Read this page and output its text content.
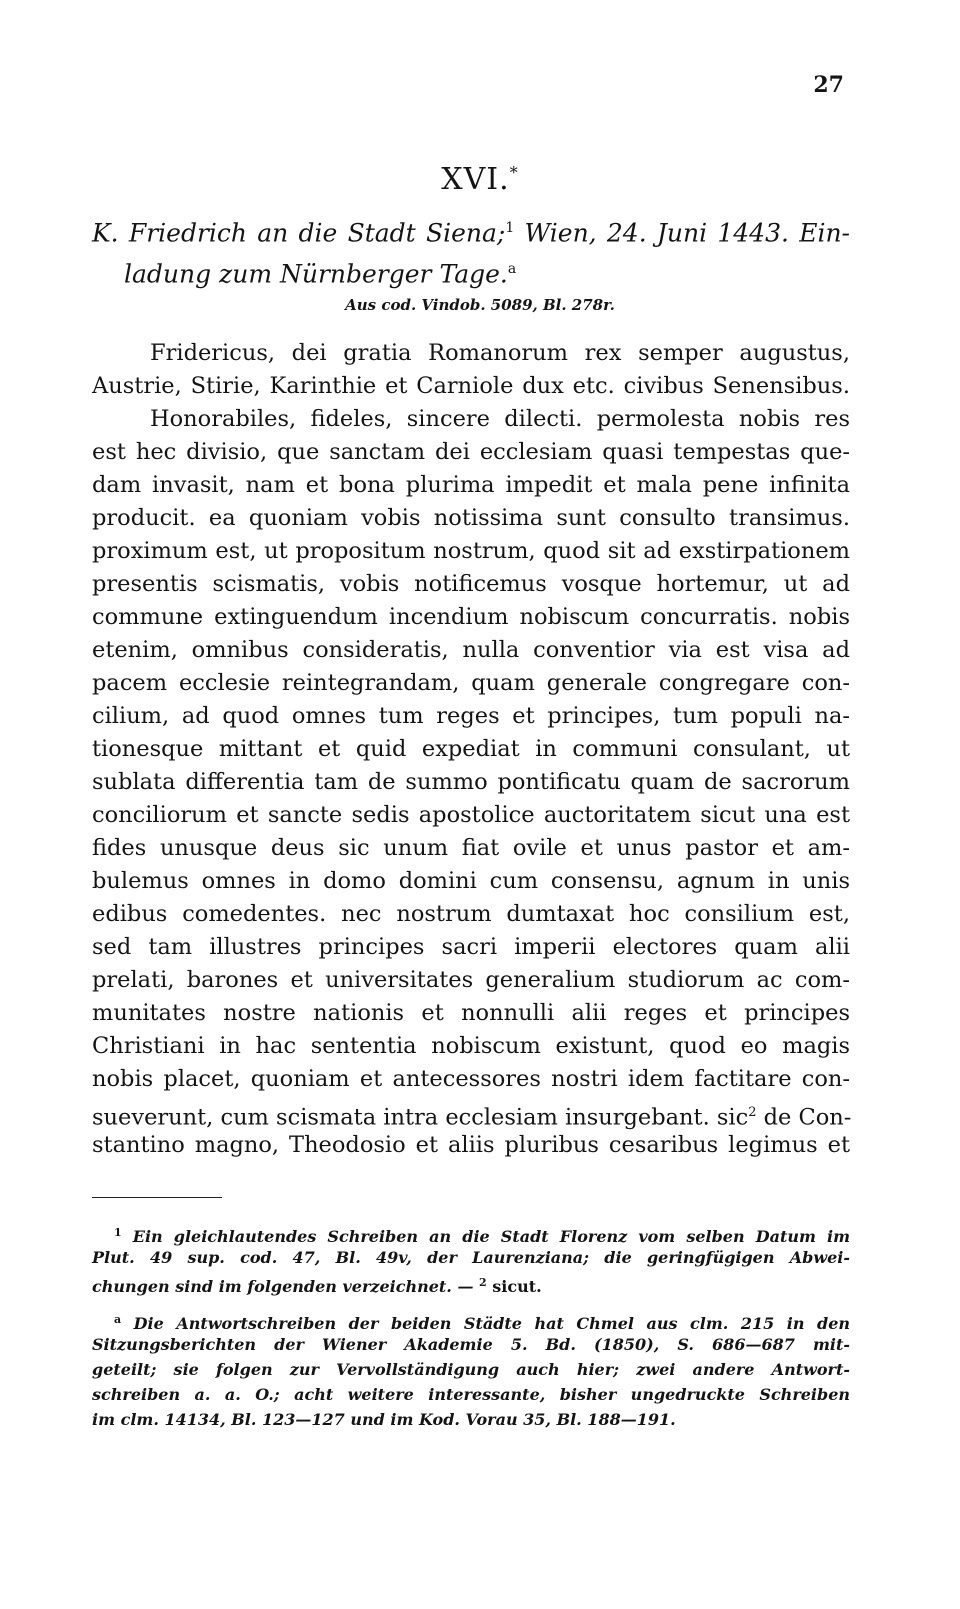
27
XVI.*
K. Friedrich an die Stadt Siena;$^1$ Wien, 24. Juni 1443. Ein-
ladung zum Nürnberger Tage.$^a$
Aus cod. Vindob. 5089, Bl. 278r.
Fridericus, dei gratia Romanorum rex semper augustus,
Austrie, Stirie, Karinthie et Carniole dux etc. civibus Senensibus.
Honorabiles, fideles, sincere dilecti. permolesta nobis res
est hec divisio, que sanctam dei ecclesiam quasi tempestas que-
dam invasit, nam et bona plurima impedit et mala pene infinita
producit. ea quoniam vobis notissima sunt consulto transimus.
proximum est, ut propositum nostrum, quod sit ad exstirpationem
presentis scismatis, vobis notificemus vosque hortemur, ut ad
commune extinguendum incendium nobiscum concurratis. nobis
etenim, omnibus consideratis, nulla conventior via est visa ad
pacem ecclesie reintegrandam, quam generale congregare con-
cilium, ad quod omnes tum reges et principes, tum populi na-
tionesque mittant et quid expediat in communi consulant, ut
sublata differentia tam de summo pontificatu quam de sacrorum
conciliorum et sancte sedis apostolice auctoritatem sicut una est
fides unusque deus sic unum fiat ovile et unus pastor et am-
bulemus omnes in domo domini cum consensu, agnum in unis
edibus comedentes. nec nostrum dumtaxat hoc consilium est,
sed tam illustres principes sacri imperii electores quam alii
prelati, barones et universitates generalium studiorum ac com-
munitates nostre nationis et nonnulli alii reges et principes
Christiani in hac sententia nobiscum existunt, quod eo magis
nobis placet, quoniam et antecessores nostri idem factitare con-
sueverunt, cum scismata intra ecclesiam insurgebant. sic$^2$ de Con-
stantino magno, Theodosio et aliis pluribus cesaribus legimus et
$^1$ Ein gleichlautendes Schreiben an die Stadt Florenz vom selben Datum im
Plut. 49 sup. cod. 47, Bl. 49v, der Laurenziana; die geringfügigen Abwei-
chungen sind im folgenden verzeichnet. — $^2$ sicut.
$^a$ Die Antwortschreiben der beiden Städte hat Chmel aus clm. 215 in den
Sitzungsberichten der Wiener Akademie 5. Bd. (1850), S. 686—687 mit-
geteilt; sie folgen zur Vervollständigung auch hier; zwei andere Antwort-
schreiben a. a. O.; acht weitere interessante, bisher ungedruckte Schreiben
im clm. 14134, Bl. 123—127 und im Kod. Vorau 35, Bl. 188—191.
